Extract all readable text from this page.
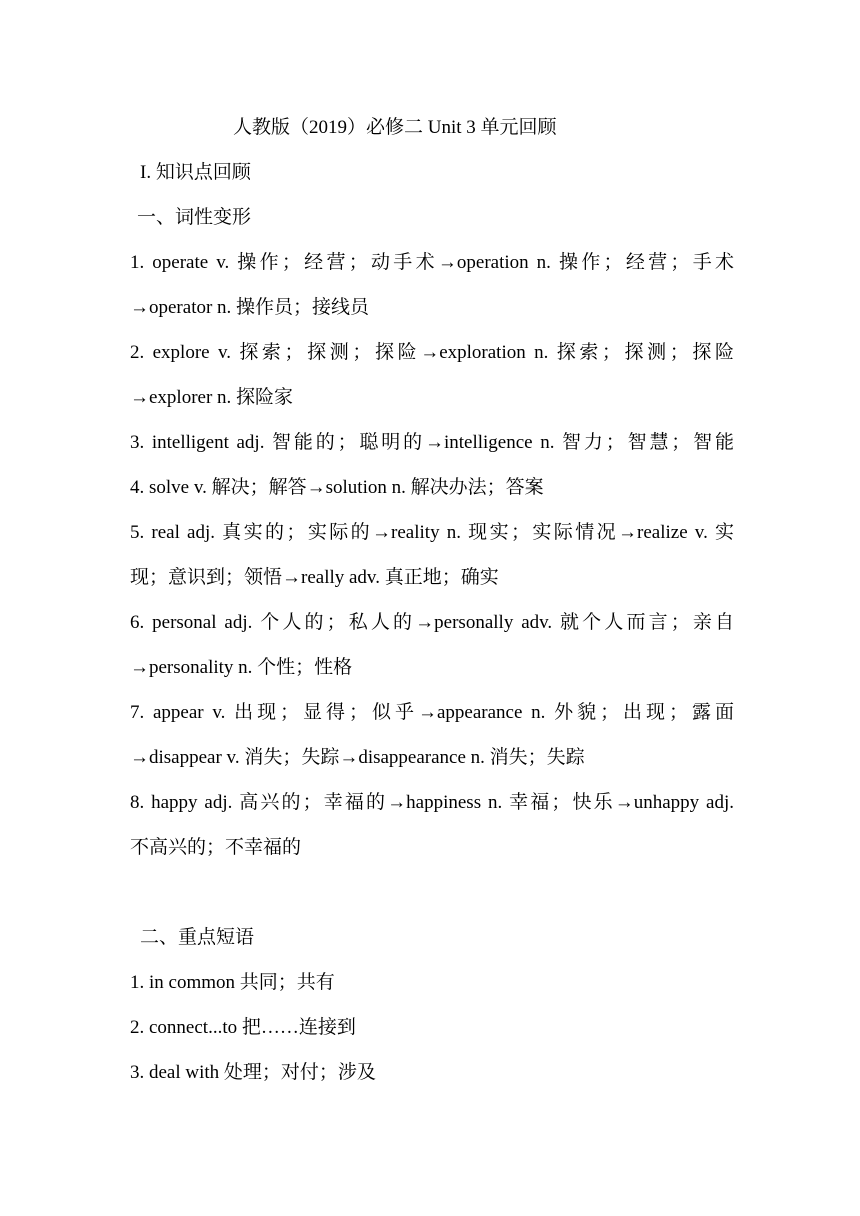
人教版（2019）必修二 Unit 3 单元回顾
I. 知识点回顾
一、词性变形
1. operate v. 操作；经营；动手术→operation n. 操作；经营；手术
→operator n. 操作员；接线员
2. explore v. 探索；探测；探险→exploration n. 探索；探测；探险
→explorer n. 探险家
3. intelligent adj. 智能的；聪明的→intelligence n. 智力；智慧；智能
4. solve v. 解决；解答→solution n. 解决办法；答案
5. real adj. 真实的；实际的→reality n. 现实；实际情况→realize v. 实
现；意识到；领悟→really adv. 真正地；确实
6. personal adj. 个人的；私人的→personally adv. 就个人而言；亲自
→personality n. 个性；性格
7. appear v. 出现；显得；似乎→appearance n. 外貌；出现；露面
→disappear v. 消失；失踪→disappearance n. 消失；失踪
8. happy adj. 高兴的；幸福的→happiness n. 幸福；快乐→unhappy adj.
不高兴的；不幸福的
二、重点短语
1. in common 共同；共有
2. connect...to 把……连接到
3. deal with 处理；对付；涉及
